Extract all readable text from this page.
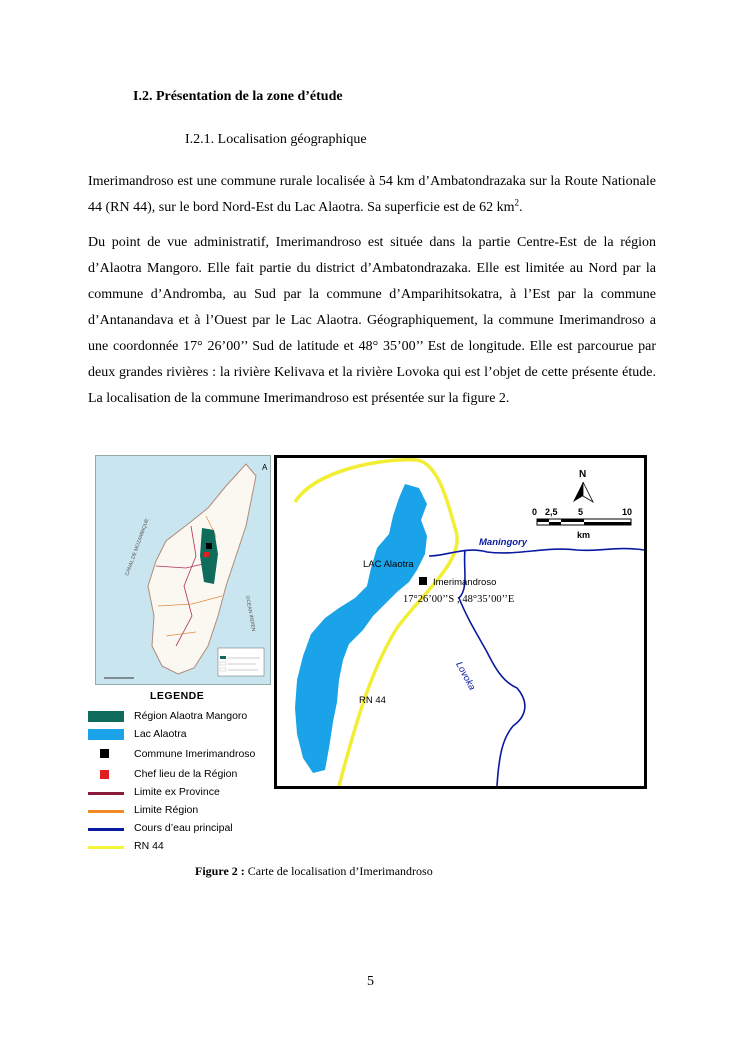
I.2. Présentation de la zone d’étude
I.2.1. Localisation géographique
Imerimandroso est une commune rurale localisée à 54 km d’Ambatondrazaka sur la Route Nationale 44 (RN 44), sur le bord Nord-Est du Lac Alaotra. Sa superficie est de 62 $km^2$.
Du point de vue administratif, Imerimandroso est située dans la partie Centre-Est de la région d’Alaotra Mangoro. Elle fait partie du district d’Ambatondrazaka. Elle est limitée au Nord par la commune d’Andromba, au Sud par la commune d’Amparihitsokatra, à l’Est par la commune d’Antanandava et à l’Ouest par le Lac Alaotra. Géographiquement, la commune Imerimandroso a une coordonnée 17° 26’00’’ Sud de latitude et 48° 35’00’’ Est de longitude. Elle est parcourue par deux grandes rivières : la rivière Kelivava et la rivière Lovoka qui est l’objet de cette présente étude. La localisation de la commune Imerimandroso est présentée sur la figure 2.
A
CANAL DE MOZAMBIQUE
OCEAN INDIEN
N
0 2,5 5	10
km
LAC Alaotra
Imerimandroso
17°26’00’’S ; 48°35’00’’E
Maningory
Lovoka
RN 44
LEGENDE
Région Alaotra Mangoro
Lac Alaotra
Commune Imerimandroso
Chef lieu de la Région
Limite ex Province
Limite Région
Cours d’eau principal
RN 44
Figure 2 : Carte de localisation d’Imerimandroso
5
